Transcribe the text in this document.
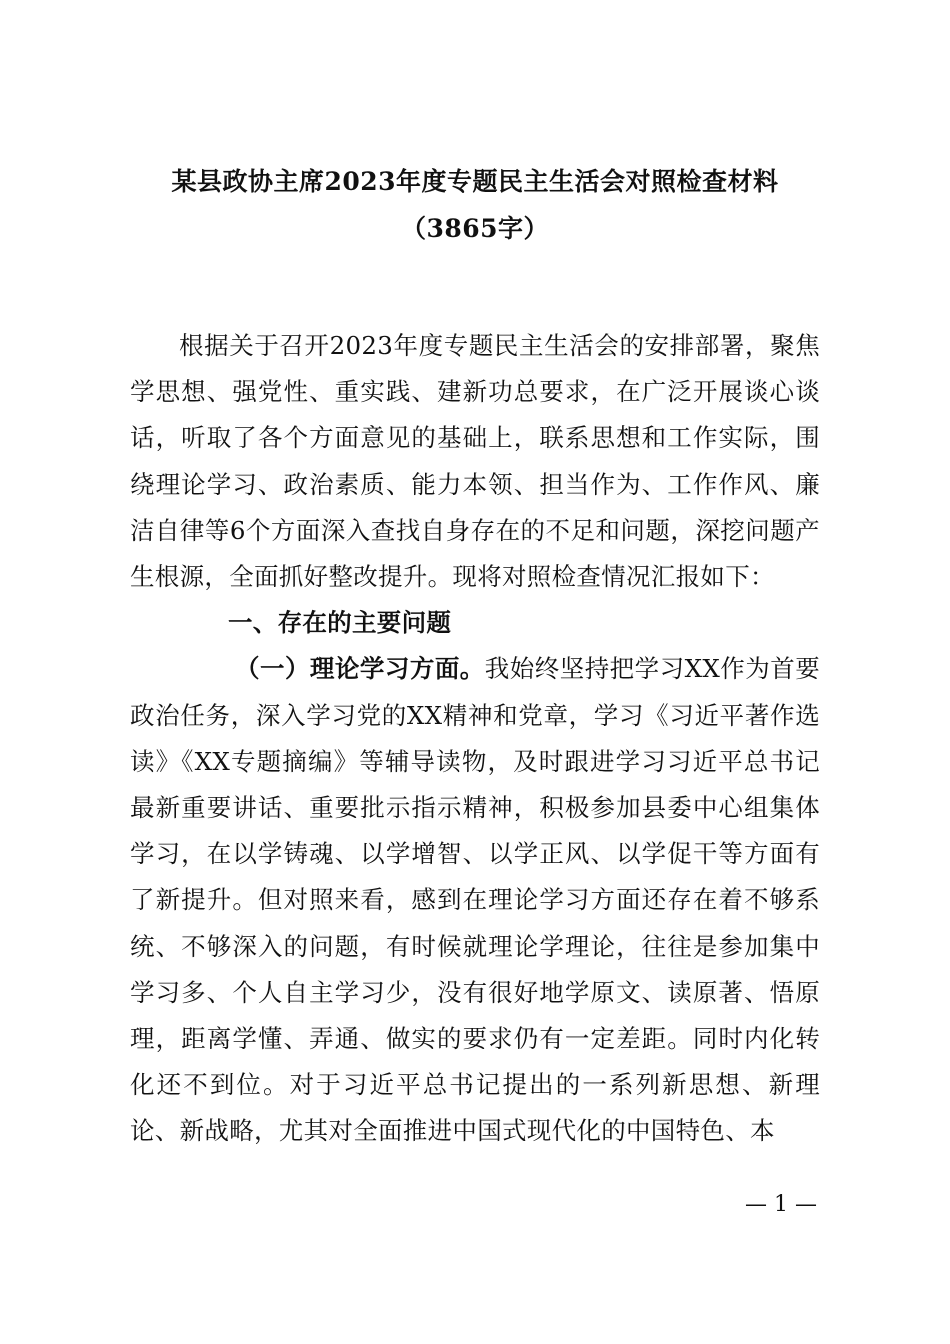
某县政协主席2023年度专题民主生活会对照检查材料（3865字）

根据关于召开2023年度专题民主生活会的安排部署，聚焦学思想、强党性、重实践、建新功总要求，在广泛开展谈心谈话，听取了各个方面意见的基础上，联系思想和工作实际，围绕理论学习、政治素质、能力本领、担当作为、工作作风、廉洁自律等6个方面深入查找自身存在的不足和问题，深挖问题产生根源，全面抓好整改提升。现将对照检查情况汇报如下：

一、存在的主要问题

（一）理论学习方面。我始终坚持把学习XX作为首要政治任务，深入学习党的XX精神和党章，学习《习近平著作选读》《XX专题摘编》等辅导读物，及时跟进学习习近平总书记最新重要讲话、重要批示指示精神，积极参加县委中心组集体学习，在以学铸魂、以学增智、以学正风、以学促干等方面有了新提升。但对照来看，感到在理论学习方面还存在着不够系统、不够深入的问题，有时候就理论学理论，往往是参加集中学习多、个人自主学习少，没有很好地学原文、读原著、悟原理，距离学懂、弄通、做实的要求仍有一定差距。同时内化转化还不到位。对于习近平总书记提出的一系列新思想、新理论、新战略，尤其对全面推进中国式现代化的中国特色、本

— 1 —
